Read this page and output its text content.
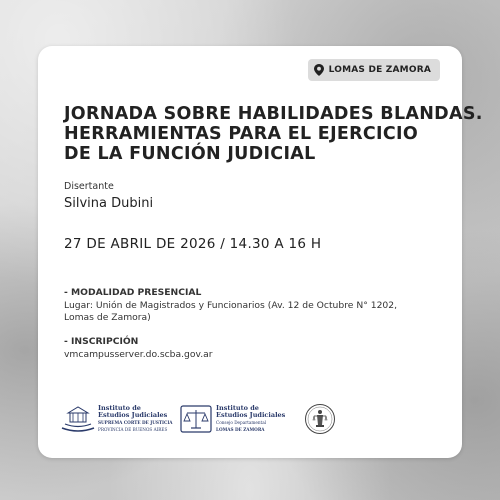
LOMAS DE ZAMORA
JORNADA SOBRE HABILIDADES BLANDAS.
HERRAMIENTAS PARA EL EJERCICIO
DE LA FUNCIÓN JUDICIAL
Disertante
Silvina Dubini
27 DE ABRIL DE 2026 / 14.30 A 16 H
- MODALIDAD PRESENCIAL
Lugar: Unión de Magistrados y Funcionarios (Av. 12 de Octubre N° 1202,
Lomas de Zamora)
- INSCRIPCIÓN
vmcampusserver.do.scba.gov.ar
Instituto de
Estudios Judiciales
SUPREMA CORTE DE JUSTICIA
PROVINCIA DE BUENOS AIRES
Instituto de
Estudios Judiciales
Consejo Departamental
LOMAS DE ZAMORA
